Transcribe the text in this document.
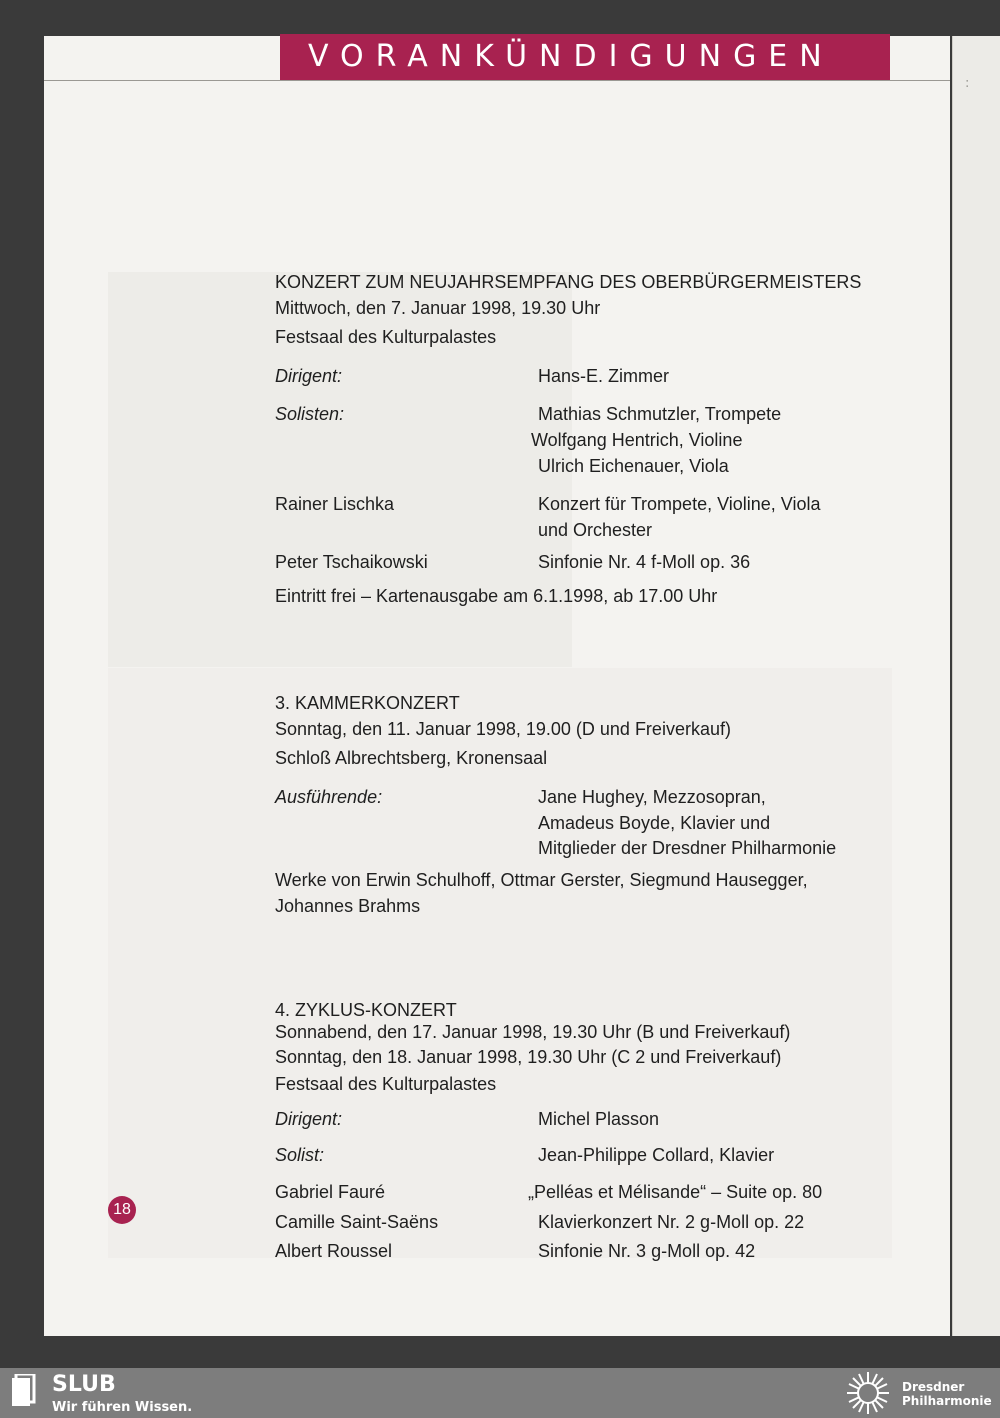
:
VORANKÜNDIGUNGEN
KONZERT ZUM NEUJAHRSEMPFANG DES OBERBÜRGERMEISTERS
Mittwoch, den 7. Januar 1998, 19.30 Uhr
Festsaal des Kulturpalastes
Dirigent:	Hans-E. Zimmer
Solisten:	Mathias Schmutzler, Trompete
Wolfgang Hentrich, Violine
Ulrich Eichenauer, Viola
Rainer Lischka	Konzert für Trompete, Violine, Viola
und Orchester
Peter Tschaikowski	Sinfonie Nr. 4 f-Moll op. 36
Eintritt frei – Kartenausgabe am 6.1.1998, ab 17.00 Uhr
3. KAMMERKONZERT
Sonntag, den 11. Januar 1998, 19.00 (D und Freiverkauf)
Schloß Albrechtsberg, Kronensaal
Ausführende:	Jane Hughey, Mezzosopran,
Amadeus Boyde, Klavier und
Mitglieder der Dresdner Philharmonie
Werke von Erwin Schulhoff, Ottmar Gerster, Siegmund Hausegger,
Johannes Brahms
4. ZYKLUS-KONZERT
Sonnabend, den 17. Januar 1998, 19.30 Uhr (B und Freiverkauf)
Sonntag, den 18. Januar 1998, 19.30 Uhr (C 2 und Freiverkauf)
Festsaal des Kulturpalastes
Dirigent:	Michel Plasson
Solist:	Jean-Philippe Collard, Klavier
Gabriel Fauré	„Pelléas et Mélisande“ – Suite op. 80
Camille Saint-Saëns	Klavierkonzert Nr. 2 g-Moll op. 22
Albert Roussel	Sinfonie Nr. 3 g-Moll op. 42
18
SLUB
Wir führen Wissen.
Dresdner
Philharmonie
